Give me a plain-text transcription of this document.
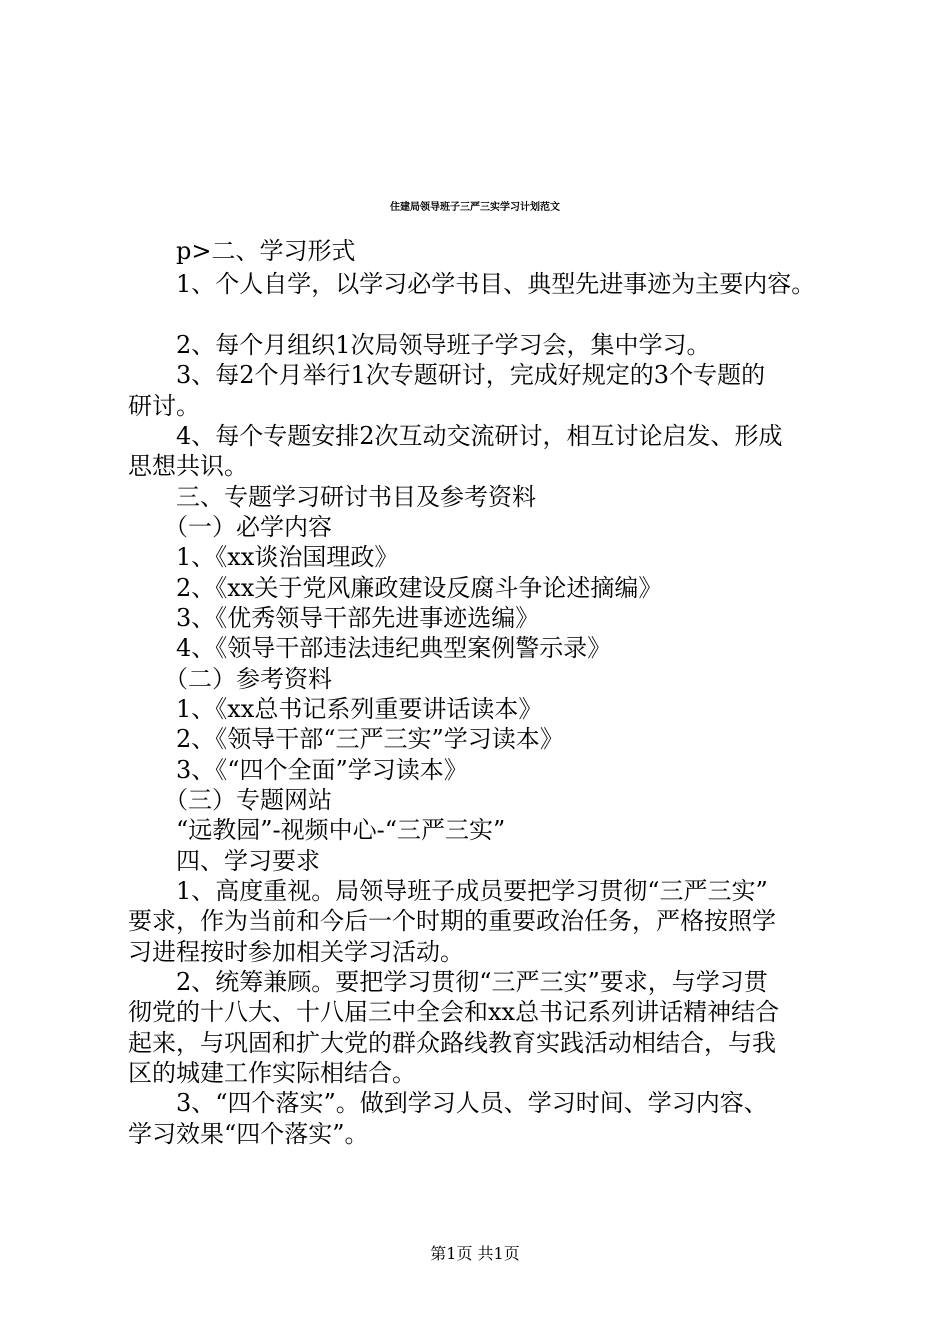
住建局领导班子三严三实学习计划范文
　　p>二、学习形式
　　1、个人自学，以学习必学书目、典型先进事迹为主要内容。
　　2、每个月组织1次局领导班子学习会，集中学习。
　　3、每2个月举行1次专题研讨，完成好规定的3个专题的
研讨。
　　4、每个专题安排2次互动交流研讨，相互讨论启发、形成
思想共识。
　　三、专题学习研讨书目及参考资料
　　（一）必学内容
　　1、《xx谈治国理政》
　　2、《xx关于党风廉政建设反腐斗争论述摘编》
　　3、《优秀领导干部先进事迹选编》
　　4、《领导干部违法违纪典型案例警示录》
　　（二）参考资料
　　1、《xx总书记系列重要讲话读本》
　　2、《领导干部“三严三实”学习读本》
　　3、《“四个全面”学习读本》
　　（三）专题网站
　　“远教园”-视频中心-“三严三实”
　　四、学习要求
　　1、高度重视。局领导班子成员要把学习贯彻“三严三实”
要求，作为当前和今后一个时期的重要政治任务，严格按照学
习进程按时参加相关学习活动。
　　2、统筹兼顾。要把学习贯彻“三严三实”要求，与学习贯
彻党的十八大、十八届三中全会和xx总书记系列讲话精神结合
起来，与巩固和扩大党的群众路线教育实践活动相结合，与我
区的城建工作实际相结合。
　　3、“四个落实”。做到学习人员、学习时间、学习内容、
学习效果“四个落实”。
第1页 共1页
